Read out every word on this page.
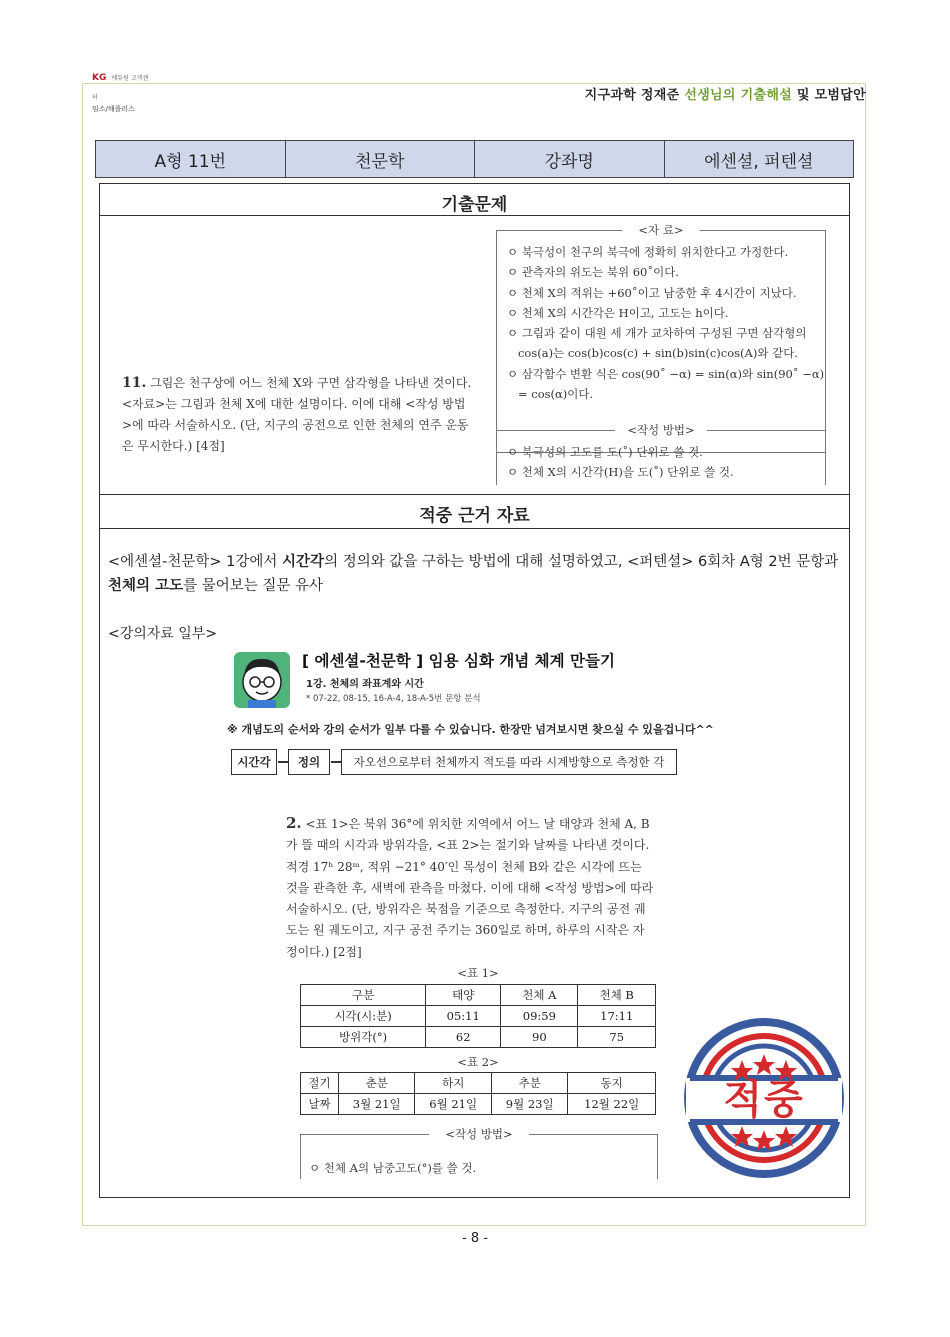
KG 에듀원 고객센터
임소/해플러스
지구과학 정재준 선생님의 기출해설 및 모범답안
A형 11번	천문학	강좌명	에센셜, 퍼텐셜
기출문제
11. 그림은 천구상에 어느 천체 X와 구면 삼각형을 나타낸 것이다. <자료>는 그림과 천체 X에 대한 설명이다. 이에 대해 <작성 방법>에 따라 서술하시오. (단, 지구의 공전으로 인한 천체의 연주 운동은 무시한다.) [4점]
<자 료>
ㅇ 북극성이 천구의 북극에 정확히 위치한다고 가정한다.
ㅇ 관측자의 위도는 북위 60˚이다.
ㅇ 천체 X의 적위는 +60˚이고 남중한 후 4시간이 지났다.
ㅇ 천체 X의 시간각은 H이고, 고도는 h이다.
ㅇ 그림과 같이 대원 세 개가 교차하여 구성된 구면 삼각형의
cos(a)는 cos(b)cos(c) + sin(b)sin(c)cos(A)와 같다.
ㅇ 삼각함수 변환 식은 cos(90˚ −α) = sin(α)와 sin(90˚ −α)
= cos(α)이다.
<작성 방법>
ㅇ 북극성의 고도를 도(˚) 단위로 쓸 것.
ㅇ 천체 X의 시간각(H)을 도(˚) 단위로 쓸 것.
적중 근거 자료
<에센셜-천문학> 1강에서 시간각의 정의와 값을 구하는 방법에 대해 설명하였고, <퍼텐셜> 6회차 A형 2번 문항과 천체의 고도를 물어보는 질문 유사
<강의자료 일부>
[ 에센셜-천문학 ] 임용 심화 개념 체계 만들기
1강. 천체의 좌표계와 시간
* 07-22, 08-15, 16-A-4, 18-A-5번 문항 분석
※ 개념도의 순서와 강의 순서가 일부 다를 수 있습니다. 한장만 넘겨보시면 찾으실 수 있을겁니다^^
시간각	정의	자오선으로부터 천체까지 적도를 따라 시계방향으로 측정한 각
2. <표 1>은 북위 36°에 위치한 지역에서 어느 날 태양과 천체 A, B가 뜰 때의 시각과 방위각을, <표 2>는 절기와 날짜를 나타낸 것이다. 적경 17ʰ 28ᵐ, 적위 −21° 40′인 목성이 천체 B와 같은 시각에 뜨는 것을 관측한 후, 새벽에 관측을 마쳤다. 이에 대해 <작성 방법>에 따라 서술하시오. (단, 방위각은 북점을 기준으로 측정한다. 지구의 공전 궤도는 원 궤도이고, 지구 공전 주기는 360일로 하며, 하루의 시작은 자정이다.) [2점]
<표 1>
구분	태양	천체 A	천체 B
시각(시:분)	05:11	09:59	17:11
방위각(°)	62	90	75
<표 2>
절기	춘분	하지	추분	동지
날짜	3월 21일	6월 21일	9월 23일	12월 22일
<작성 방법>
ㅇ 천체 A의 남중고도(°)를 쓸 것.
적중
- 8 -
